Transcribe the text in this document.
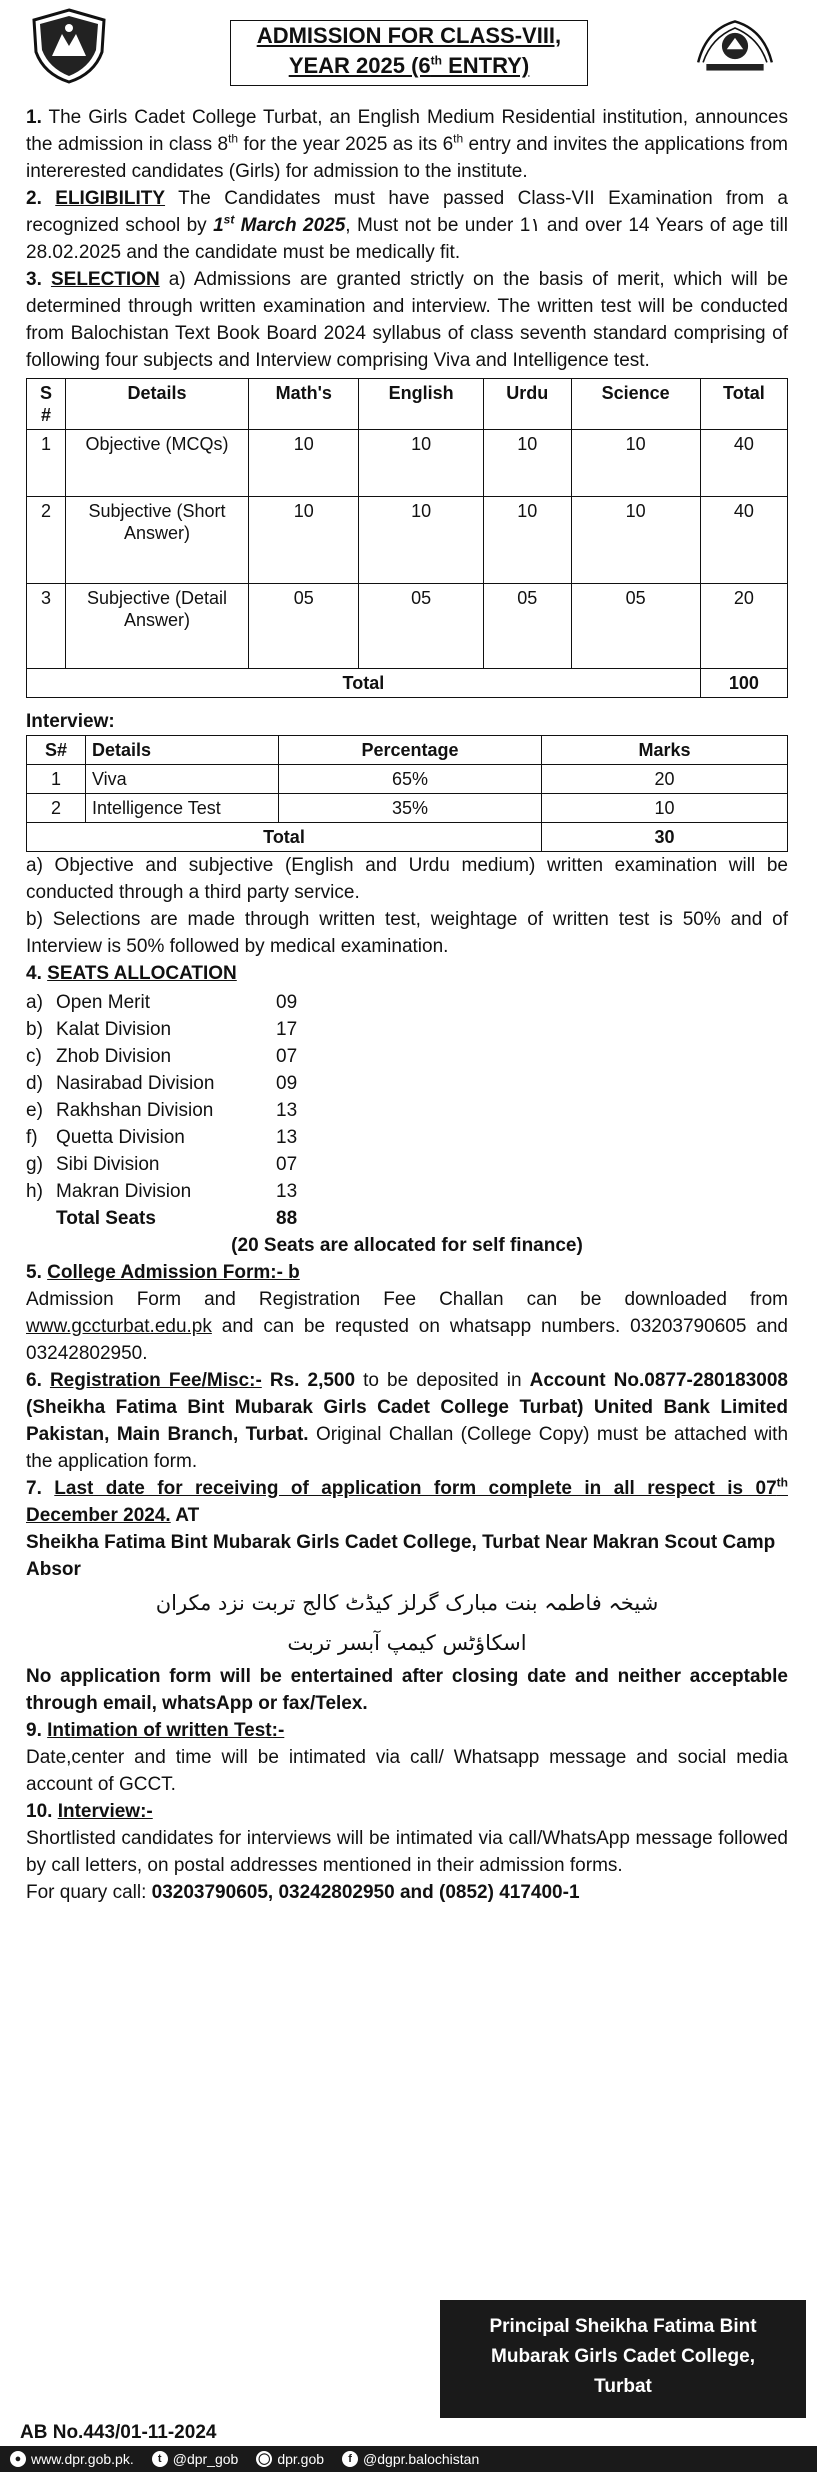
ADMISSION FOR CLASS-VIII,
YEAR 2025 (6th ENTRY)

1. The Girls Cadet College Turbat, an English Medium Residential institution, announces the admission in class 8th for the year 2025 as its 6th entry and invites the applications from intererested candidates (Girls) for admission to the institute.

2. ELIGIBILITY The Candidates must have passed Class-VII Examination from a recognized school by 1st March 2025, Must not be under 1١ and over 14 Years of age till 28.02.2025 and the candidate must be medically fit.

3. SELECTION a) Admissions are granted strictly on the basis of merit, which will be determined through written examination and interview. The written test will be conducted from Balochistan Text Book Board 2024 syllabus of class seventh standard comprising of following four subjects and Interview comprising Viva and Intelligence test.

S #	Details	Math's	English	Urdu	Science	Total
1	Objective (MCQs)	10	10	10	10	40
2	Subjective (Short Answer)	10	10	10	10	40
3	Subjective (Detail Answer)	05	05	05	05	20
Total						100
Interview:
S#	Details	Percentage	Marks
1	Viva	65%	20
2	Intelligence Test	35%	10
Total			30

a) Objective and subjective (English and Urdu medium) written examination will be conducted through a third party service.

b) Selections are made through written test, weightage of written test is 50% and of Interview is 50% followed by medical examination.

4. SEATS ALLOCATION

a) Open Merit	09
b) Kalat Division	17
c) Zhob Division	07
d) Nasirabad Division	09
e) Rakhshan Division	13
f) Quetta Division	13
g) Sibi Division	07
h) Makran Division	13
Total Seats	88

(20 Seats are allocated for self finance)

5. College Admission Form:- b

Admission Form and Registration Fee Challan can be downloaded from www.gccturbat.edu.pk and can be requsted on whatsapp numbers. 03203790605 and 03242802950.

6. Registration Fee/Misc:- Rs. 2,500 to be deposited in Account No.0877-280183008 (Sheikha Fatima Bint Mubarak Girls Cadet College Turbat) United Bank Limited Pakistan, Main Branch, Turbat. Original Challan (College Copy) must be attached with the application form.

7. Last date for receiving of application form complete in all respect is 07th December 2024. AT

Sheikha Fatima Bint Mubarak Girls Cadet College, Turbat Near Makran Scout Camp Absor

شیخہ فاطمہ بنت مبارک گرلز کیڈٹ کالج تربت نزد مکران
اسکاؤٹس کیمپ آبسر تربت

No application form will be entertained after closing date and neither acceptable through email, whatsApp or fax/Telex.

9. Intimation of written Test:-

Date,center and time will be intimated via call/ Whatsapp message and social media account of GCCT.

10. Interview:-

Shortlisted candidates for interviews will be intimated via call/WhatsApp message followed by call letters, on postal addresses mentioned in their admission forms.

For quary call: 03203790605, 03242802950 and (0852) 417400-1

Principal Sheikha Fatima Bint
Mubarak Girls Cadet College,
Turbat
AB No.443/01-11-2024
● www.dpr.gob.pk.	t @dpr_gob ◯ dpr.gob	f @dgpr.balochistan
